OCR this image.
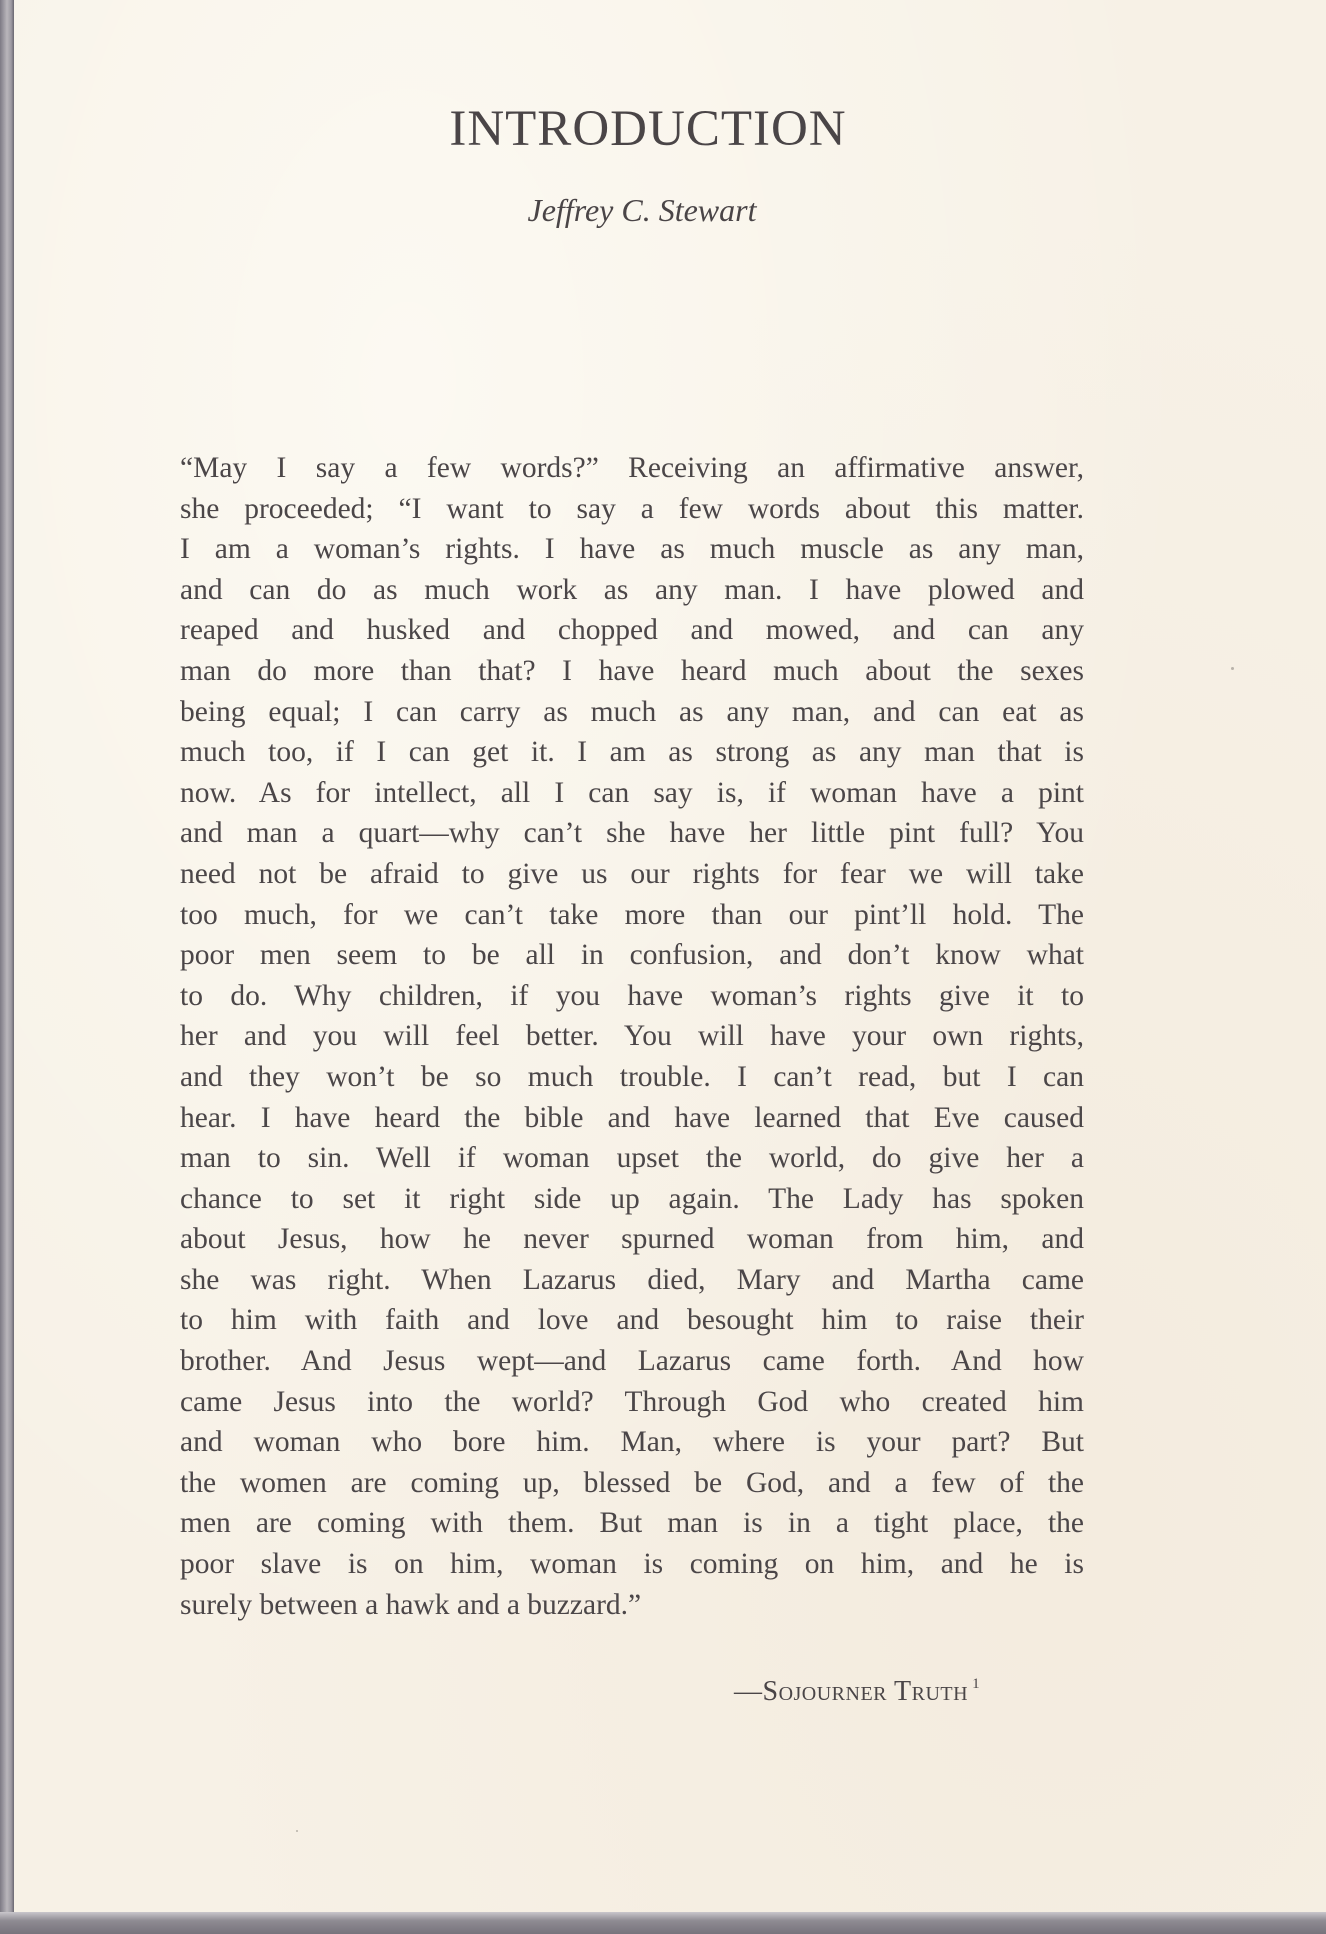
INTRODUCTION

Jeffrey C. Stewart

“May I say a few words?” Receiving an affirmative answer,
she proceeded; “I want to say a few words about this matter.
I am a woman’s rights. I have as much muscle as any man,
and can do as much work as any man. I have plowed and
reaped and husked and chopped and mowed, and can any
man do more than that? I have heard much about the sexes
being equal; I can carry as much as any man, and can eat as
much too, if I can get it. I am as strong as any man that is
now. As for intellect, all I can say is, if woman have a pint
and man a quart—why can’t she have her little pint full? You
need not be afraid to give us our rights for fear we will take
too much, for we can’t take more than our pint’ll hold. The
poor men seem to be all in confusion, and don’t know what
to do. Why children, if you have woman’s rights give it to
her and you will feel better. You will have your own rights,
and they won’t be so much trouble. I can’t read, but I can
hear. I have heard the bible and have learned that Eve caused
man to sin. Well if woman upset the world, do give her a
chance to set it right side up again. The Lady has spoken
about Jesus, how he never spurned woman from him, and
she was right. When Lazarus died, Mary and Martha came
to him with faith and love and besought him to raise their
brother. And Jesus wept—and Lazarus came forth. And how
came Jesus into the world? Through God who created him
and woman who bore him. Man, where is your part? But
the women are coming up, blessed be God, and a few of the
men are coming with them. But man is in a tight place, the
poor slave is on him, woman is coming on him, and he is
surely between a hawk and a buzzard.”
—Sojourner Truth $^1$
